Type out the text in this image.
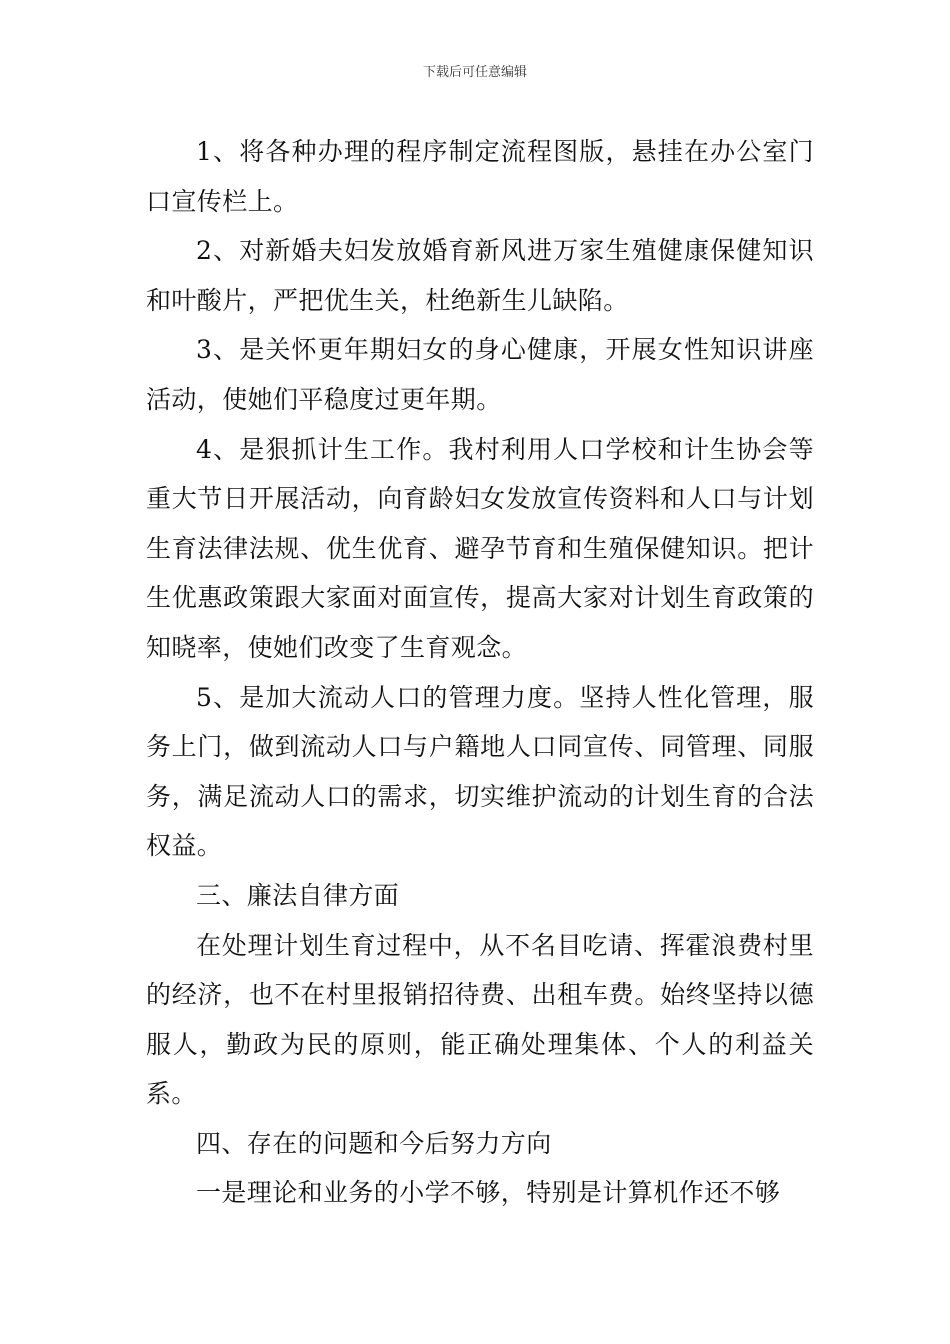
下载后可任意编辑

1、将各种办理的程序制定流程图版，悬挂在办公室门口宣传栏上。

2、对新婚夫妇发放婚育新风进万家生殖健康保健知识和叶酸片，严把优生关，杜绝新生儿缺陷。

3、是关怀更年期妇女的身心健康，开展女性知识讲座活动，使她们平稳度过更年期。

4、是狠抓计生工作。我村利用人口学校和计生协会等重大节日开展活动，向育龄妇女发放宣传资料和人口与计划生育法律法规、优生优育、避孕节育和生殖保健知识。把计生优惠政策跟大家面对面宣传，提高大家对计划生育政策的知晓率，使她们改变了生育观念。

5、是加大流动人口的管理力度。坚持人性化管理，服务上门，做到流动人口与户籍地人口同宣传、同管理、同服务，满足流动人口的需求，切实维护流动的计划生育的合法权益。

三、廉法自律方面

在处理计划生育过程中，从不名目吃请、挥霍浪费村里的经济，也不在村里报销招待费、出租车费。始终坚持以德服人，勤政为民的原则，能正确处理集体、个人的利益关系。

四、存在的问题和今后努力方向

一是理论和业务的小学不够，特别是计算机作还不够
